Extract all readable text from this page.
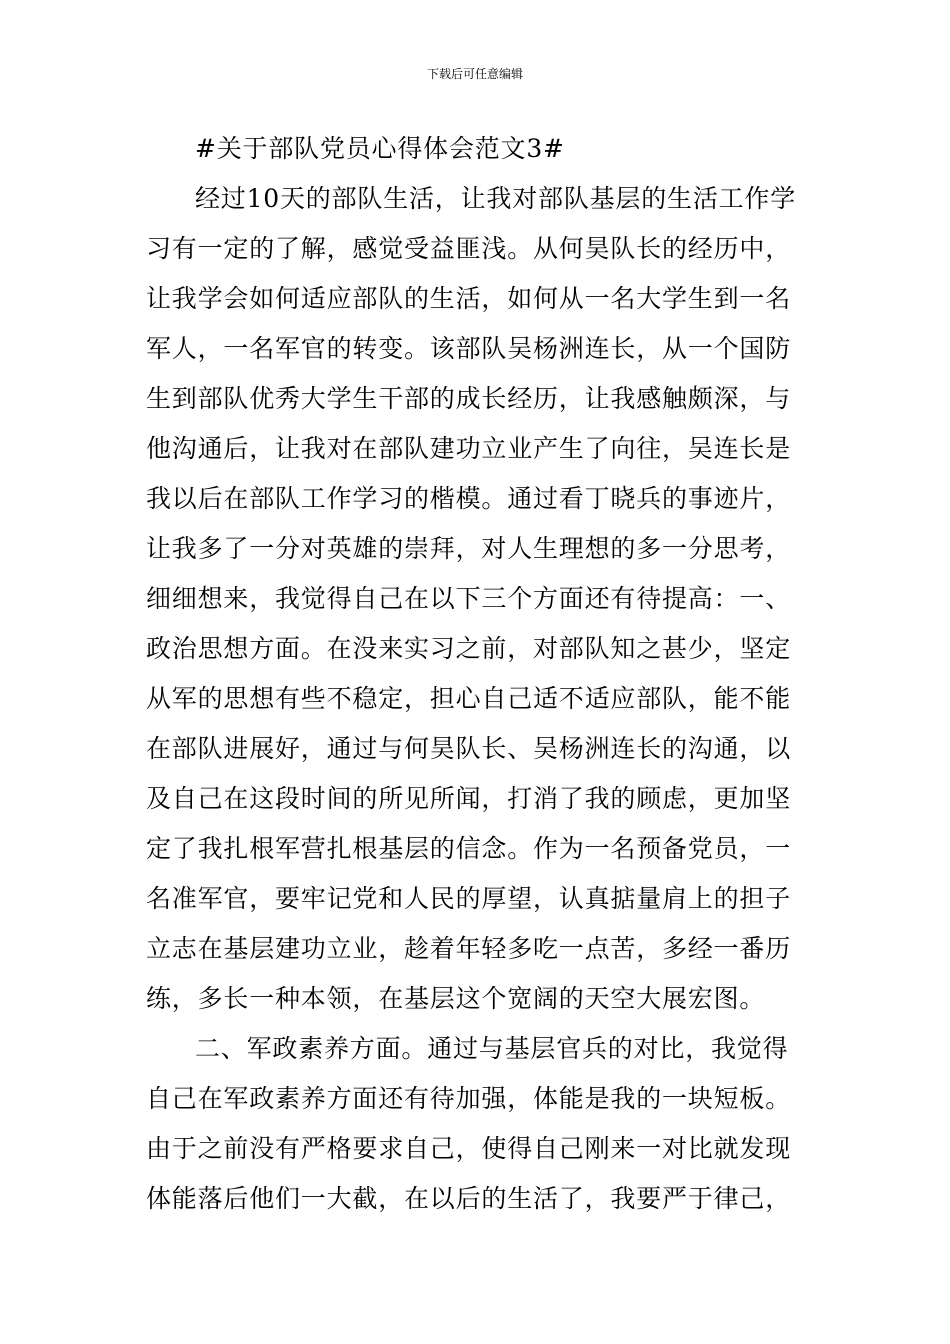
下载后可任意编辑
#关于部队党员心得体会范文3#
经过10天的部队生活，让我对部队基层的生活工作学
习有一定的了解，感觉受益匪浅。从何昊队长的经历中，
让我学会如何适应部队的生活，如何从一名大学生到一名
军人，一名军官的转变。该部队吴杨洲连长，从一个国防
生到部队优秀大学生干部的成长经历，让我感触颇深，与
他沟通后，让我对在部队建功立业产生了向往，吴连长是
我以后在部队工作学习的楷模。通过看丁晓兵的事迹片，
让我多了一分对英雄的崇拜，对人生理想的多一分思考，
细细想来，我觉得自己在以下三个方面还有待提高：一、
政治思想方面。在没来实习之前，对部队知之甚少，坚定
从军的思想有些不稳定，担心自己适不适应部队，能不能
在部队进展好，通过与何昊队长、吴杨洲连长的沟通，以
及自己在这段时间的所见所闻，打消了我的顾虑，更加坚
定了我扎根军营扎根基层的信念。作为一名预备党员，一
名准军官，要牢记党和人民的厚望，认真掂量肩上的担子
立志在基层建功立业，趁着年轻多吃一点苦，多经一番历
练，多长一种本领，在基层这个宽阔的天空大展宏图。
二、军政素养方面。通过与基层官兵的对比，我觉得
自己在军政素养方面还有待加强，体能是我的一块短板。
由于之前没有严格要求自己，使得自己刚来一对比就发现
体能落后他们一大截，在以后的生活了，我要严于律己，
